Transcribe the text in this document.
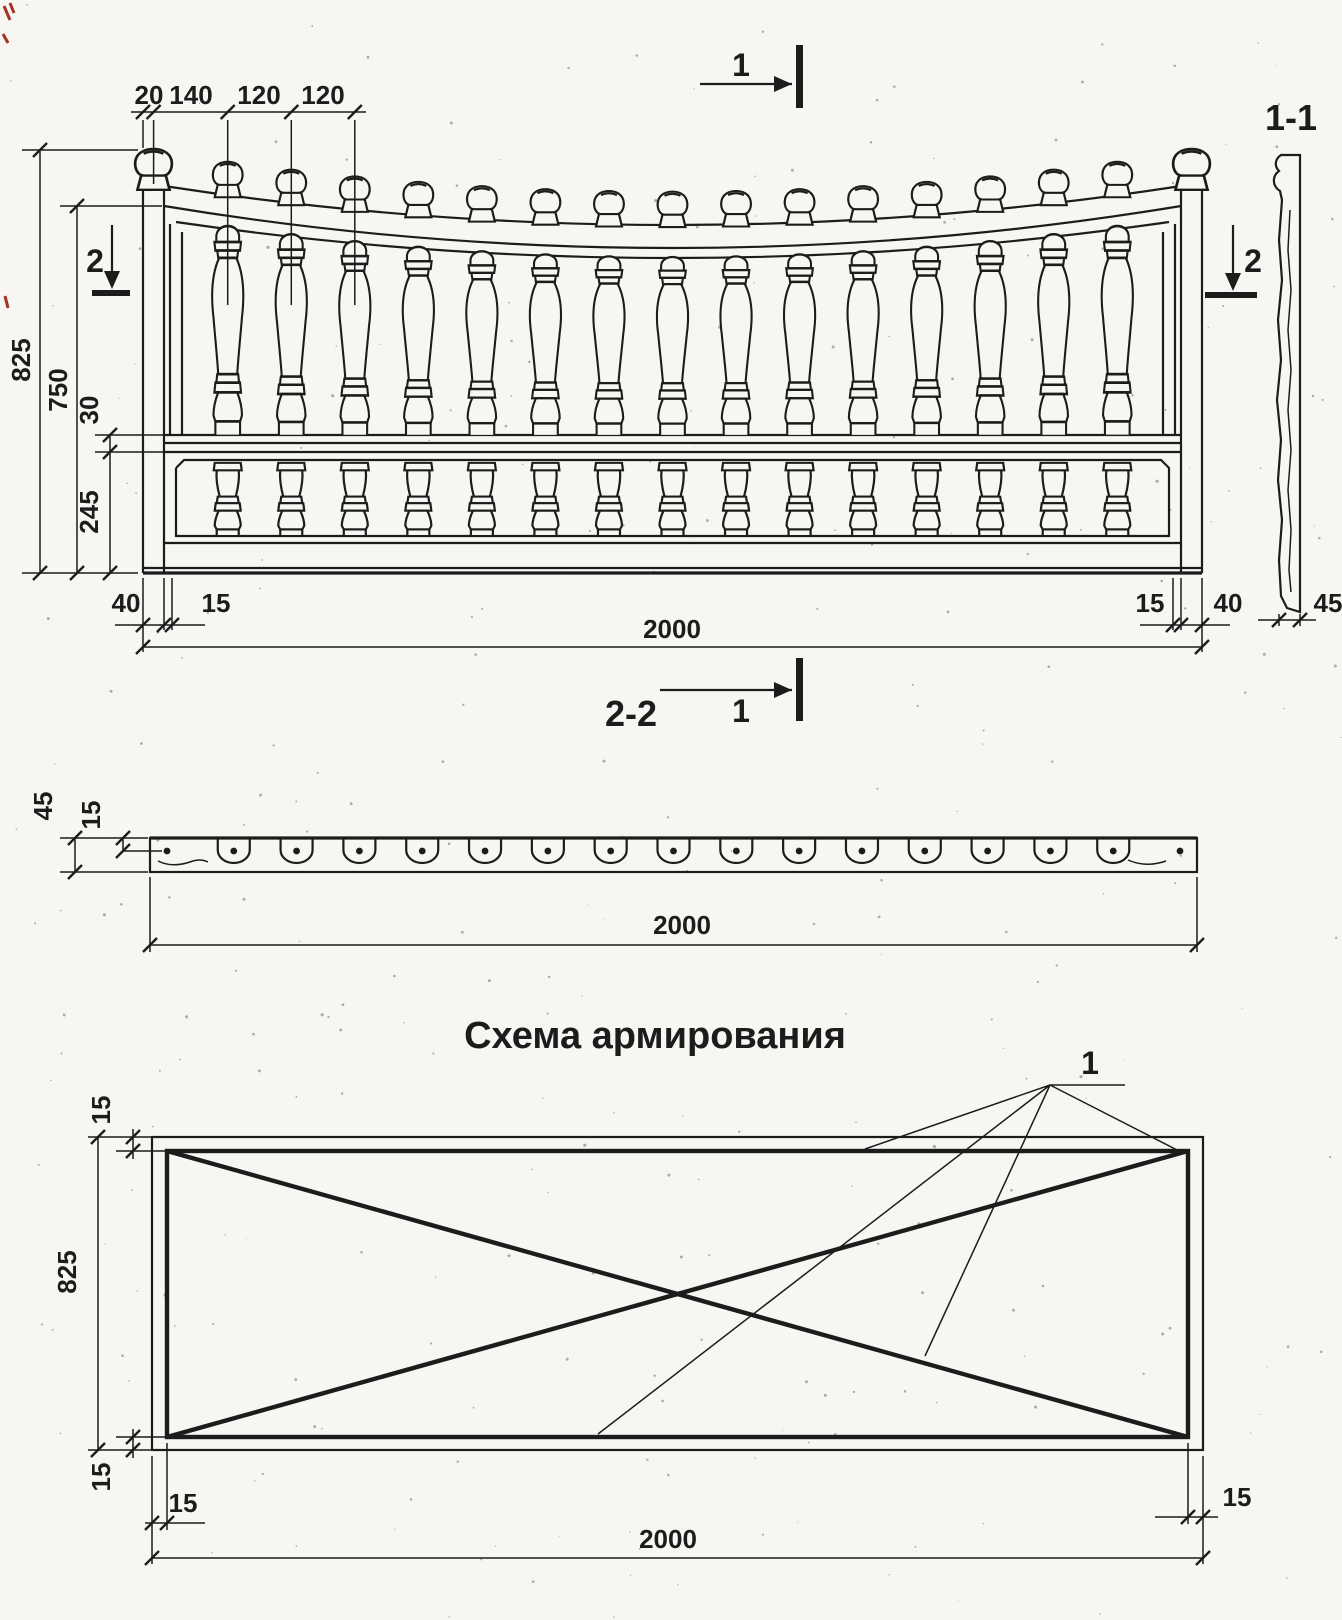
20 140 120 120
825
750 30
245
40 15
2000
15 40	45
1
1
2	2
1-1
2-2
45 15
2000
Схема армирования
1
15
825
15
15	15
2000
